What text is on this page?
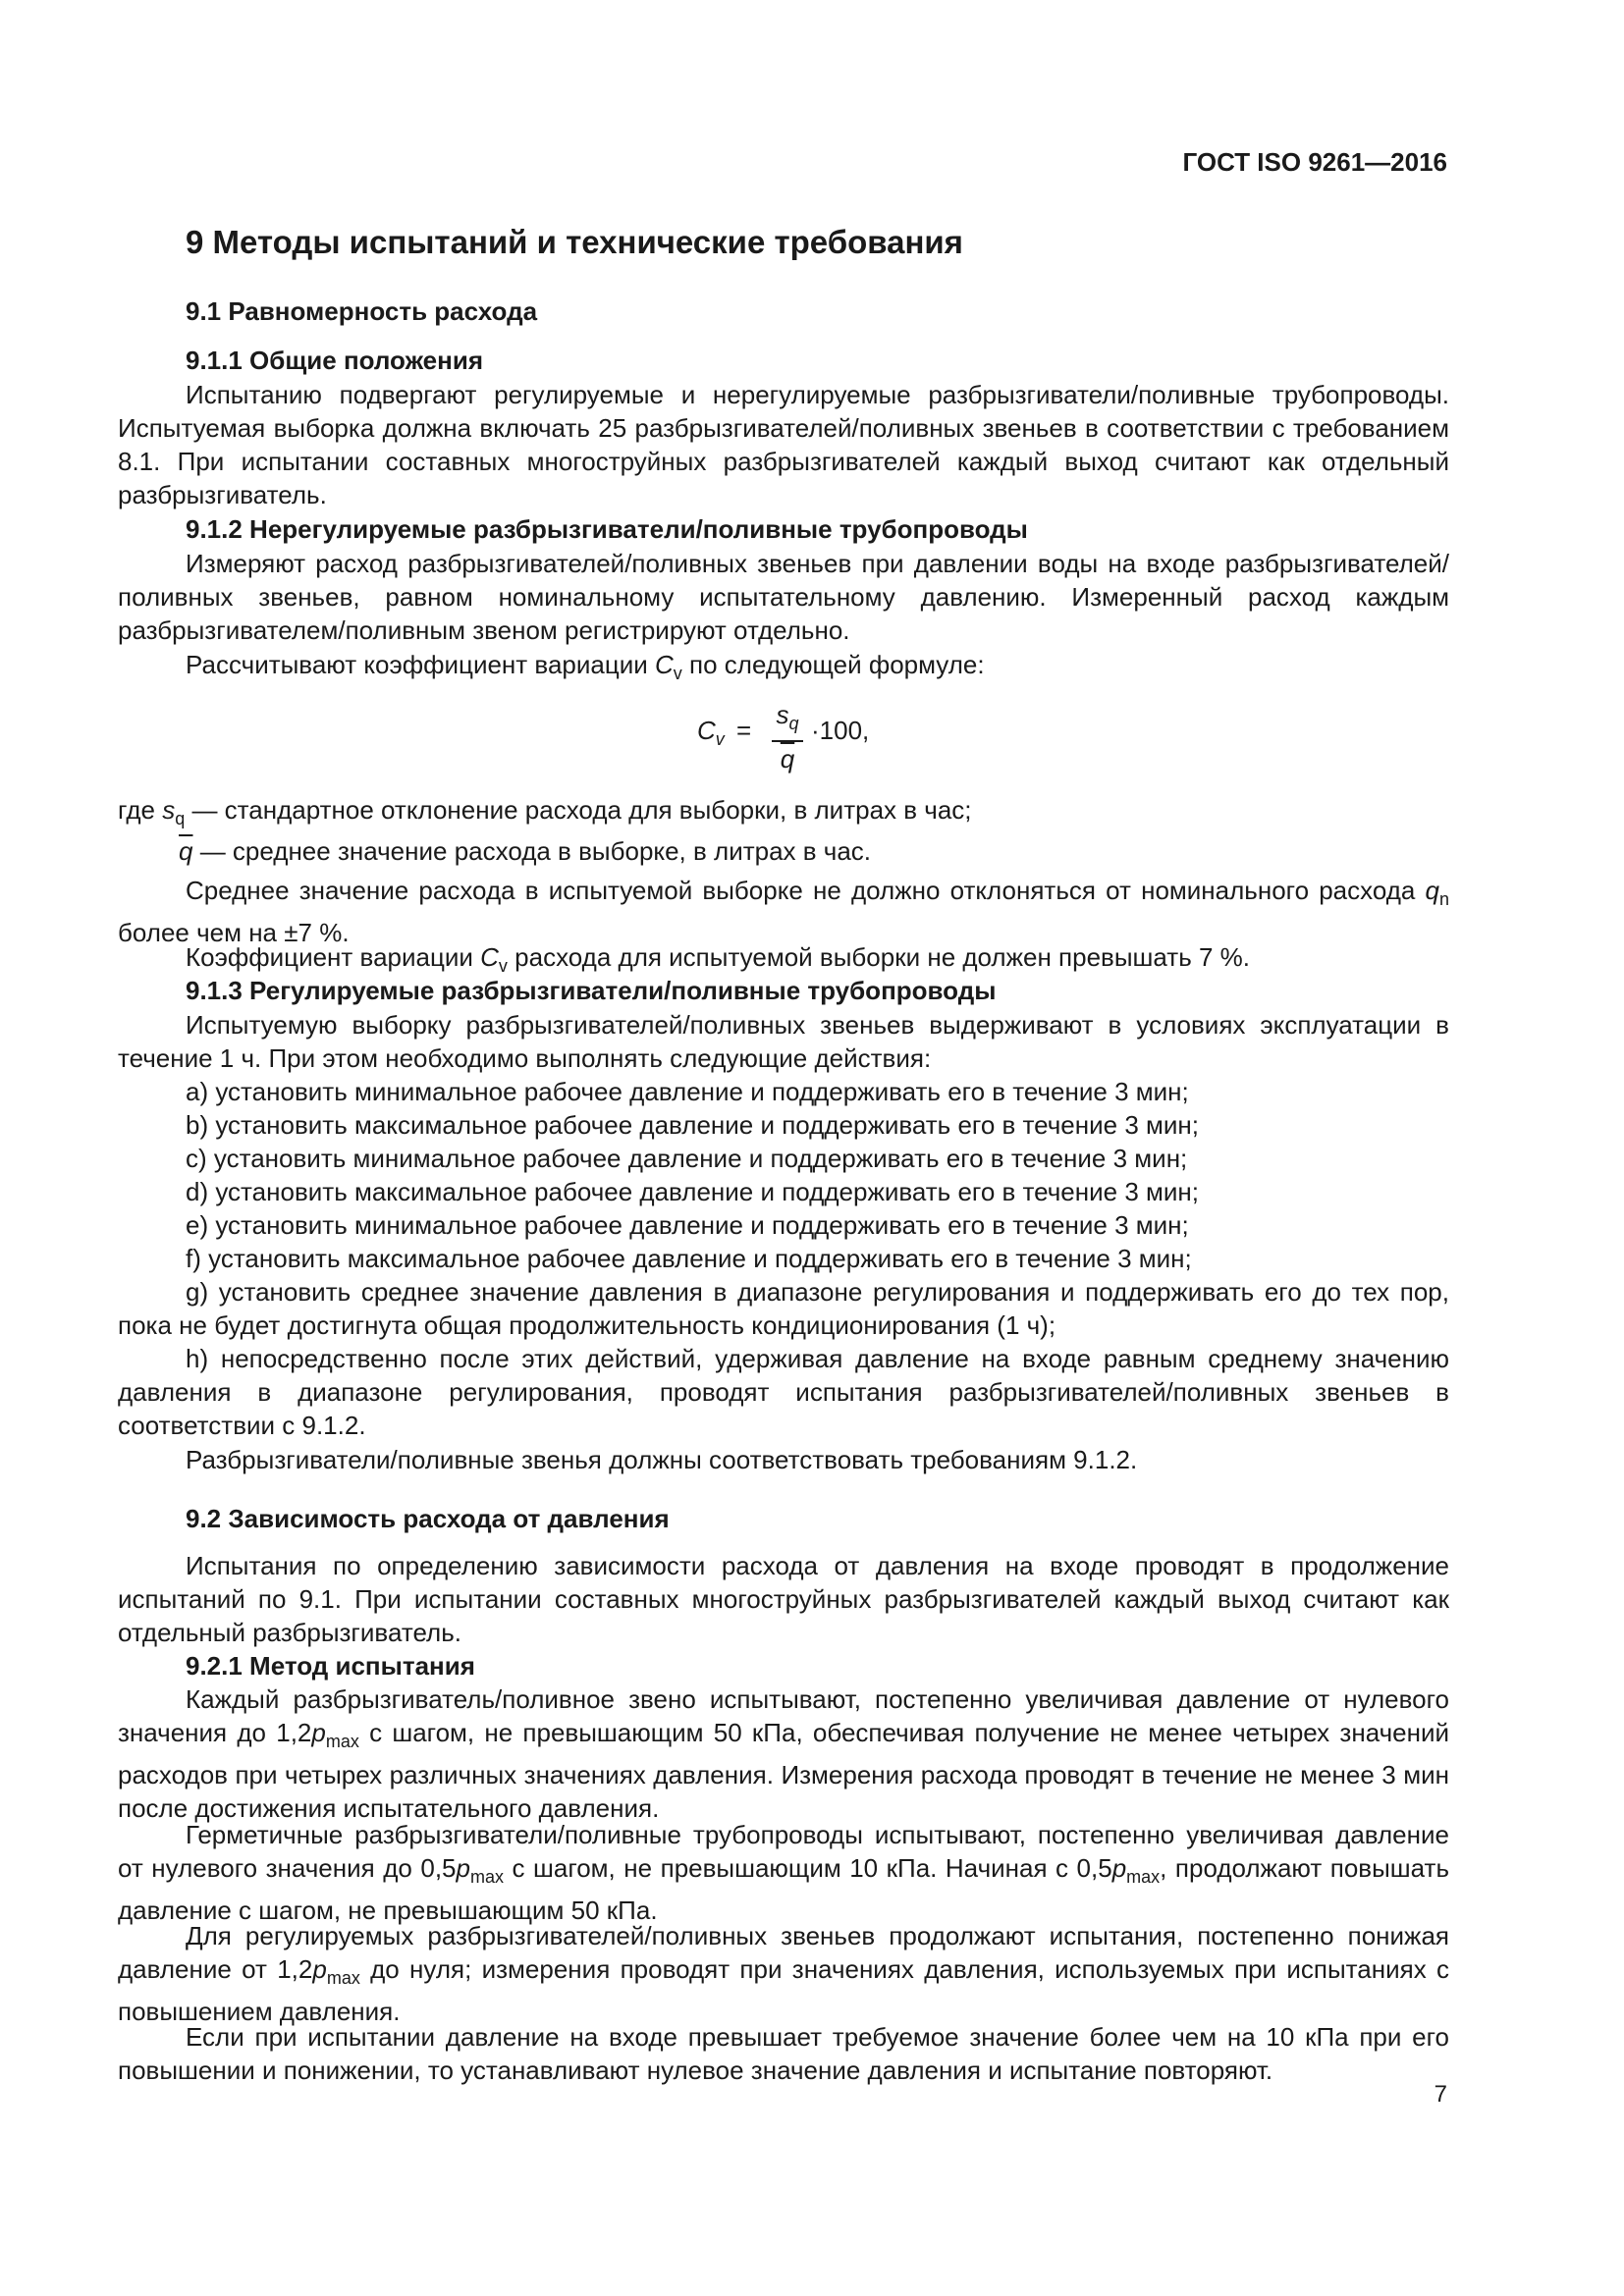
ГОСТ ISO 9261—2016
9 Методы испытаний и технические требования

9.1 Равномерность расхода

9.1.1 Общие положения

Испытанию подвергают регулируемые и нерегулируемые разбрызгиватели/поливные трубопроводы. Испытуемая выборка должна включать 25 разбрызгивателей/поливных звеньев в соответствии с требованием 8.1. При испытании составных многоструйных разбрызгивателей каждый выход считают как отдельный разбрызгиватель.

9.1.2 Нерегулируемые разбрызгиватели/поливные трубопроводы

Измеряют расход разбрызгивателей/поливных звеньев при давлении воды на входе разбрызгивателей/поливных звеньев, равном номинальному испытательному давлению. Измеренный расход каждым разбрызгивателем/поливным звеном регистрируют отдельно.

Рассчитывают коэффициент вариации $C_v$ по следующей формуле:

$C_v = \frac{s_q}{q} \cdot 100$,
где $s_q$ — стандартное отклонение расхода для выборки, в литрах в час;
$\overline{q}$ — среднее значение расхода в выборке, в литрах в час.

Среднее значение расхода в испытуемой выборке не должно отклоняться от номинального расхода $q_n$ более чем на ±7 %.

Коэффициент вариации $C_v$ расхода для испытуемой выборки не должен превышать 7 %.

9.1.3 Регулируемые разбрызгиватели/поливные трубопроводы

Испытуемую выборку разбрызгивателей/поливных звеньев выдерживают в условиях эксплуатации в течение 1 ч. При этом необходимо выполнять следующие действия:

a) установить минимальное рабочее давление и поддерживать его в течение 3 мин;

b) установить максимальное рабочее давление и поддерживать его в течение 3 мин;

c) установить минимальное рабочее давление и поддерживать его в течение 3 мин;

d) установить максимальное рабочее давление и поддерживать его в течение 3 мин;

e) установить минимальное рабочее давление и поддерживать его в течение 3 мин;

f) установить максимальное рабочее давление и поддерживать его в течение 3 мин;

g) установить среднее значение давления в диапазоне регулирования и поддерживать его до тех пор, пока не будет достигнута общая продолжительность кондиционирования (1 ч);

h) непосредственно после этих действий, удерживая давление на входе равным среднему значению давления в диапазоне регулирования, проводят испытания разбрызгивателей/поливных звеньев в соответствии с 9.1.2.

Разбрызгиватели/поливные звенья должны соответствовать требованиям 9.1.2.

9.2 Зависимость расхода от давления

Испытания по определению зависимости расхода от давления на входе проводят в продолжение испытаний по 9.1. При испытании составных многоструйных разбрызгивателей каждый выход считают как отдельный разбрызгиватель.

9.2.1 Метод испытания

Каждый разбрызгиватель/поливное звено испытывают, постепенно увеличивая давление от нулевого значения до $1,2p_{max}$ с шагом, не превышающим 50 кПа, обеспечивая получение не менее четырех значений расходов при четырех различных значениях давления. Измерения расхода проводят в течение не менее 3 мин после достижения испытательного давления.

Герметичные разбрызгиватели/поливные трубопроводы испытывают, постепенно увеличивая давление от нулевого значения до $0,5p_{max}$ с шагом, не превышающим 10 кПа. Начиная с $0,5p_{max}$, продолжают повышать давление с шагом, не превышающим 50 кПа.

Для регулируемых разбрызгивателей/поливных звеньев продолжают испытания, постепенно понижая давление от $1,2p_{max}$ до нуля; измерения проводят при значениях давления, используемых при испытаниях с повышением давления.

Если при испытании давление на входе превышает требуемое значение более чем на 10 кПа при его повышении и понижении, то устанавливают нулевое значение давления и испытание повторяют.

7
